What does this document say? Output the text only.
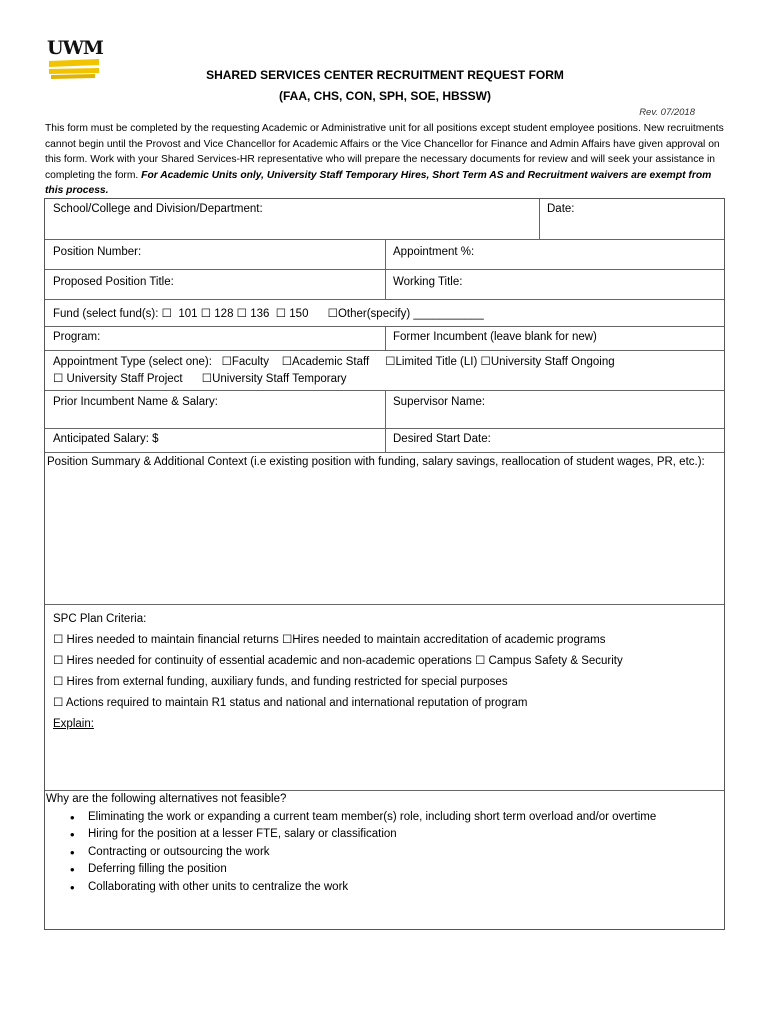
UWM
SHARED SERVICES CENTER RECRUITMENT REQUEST FORM
(FAA, CHS, CON, SPH, SOE, HBSSW)
Rev. 07/2018
This form must be completed by the requesting Academic or Administrative unit for all positions except student employee positions. New recruitments cannot begin until the Provost and Vice Chancellor for Academic Affairs or the Vice Chancellor for Finance and Admin Affairs have given approval on this form. Work with your Shared Services-HR representative who will prepare the necessary documents for review and will seek your assistance in completing the form. For Academic Units only, University Staff Temporary Hires, Short Term AS and Recruitment waivers are exempt from this process.
School/College and Division/Department:	Date:
Position Number:	Appointment %:
Proposed Position Title:	Working Title:
Fund (select fund(s): ☐ 101 ☐ 128 ☐ 136 ☐ 150 ☐Other(specify) ___________
Program:	Former Incumbent (leave blank for new)
Appointment Type (select one): ☐Faculty ☐Academic Staff ☐Limited Title (LI) ☐University Staff Ongoing
☐ University Staff Project ☐University Staff Temporary
Prior Incumbent Name & Salary:	Supervisor Name:
Anticipated Salary: $	Desired Start Date:
Position Summary & Additional Context (i.e existing position with funding, salary savings, reallocation of student wages, PR, etc.):
SPC Plan Criteria:
☐ Hires needed to maintain financial returns ☐Hires needed to maintain accreditation of academic programs
☐ Hires needed for continuity of essential academic and non-academic operations ☐ Campus Safety & Security
☐ Hires from external funding, auxiliary funds, and funding restricted for special purposes
☐ Actions required to maintain R1 status and national and international reputation of program
Explain:
Why are the following alternatives not feasible?
• Eliminating the work or expanding a current team member(s) role, including short term overload and/or overtime
• Hiring for the position at a lesser FTE, salary or classification
• Contracting or outsourcing the work
• Deferring filling the position
• Collaborating with other units to centralize the work
